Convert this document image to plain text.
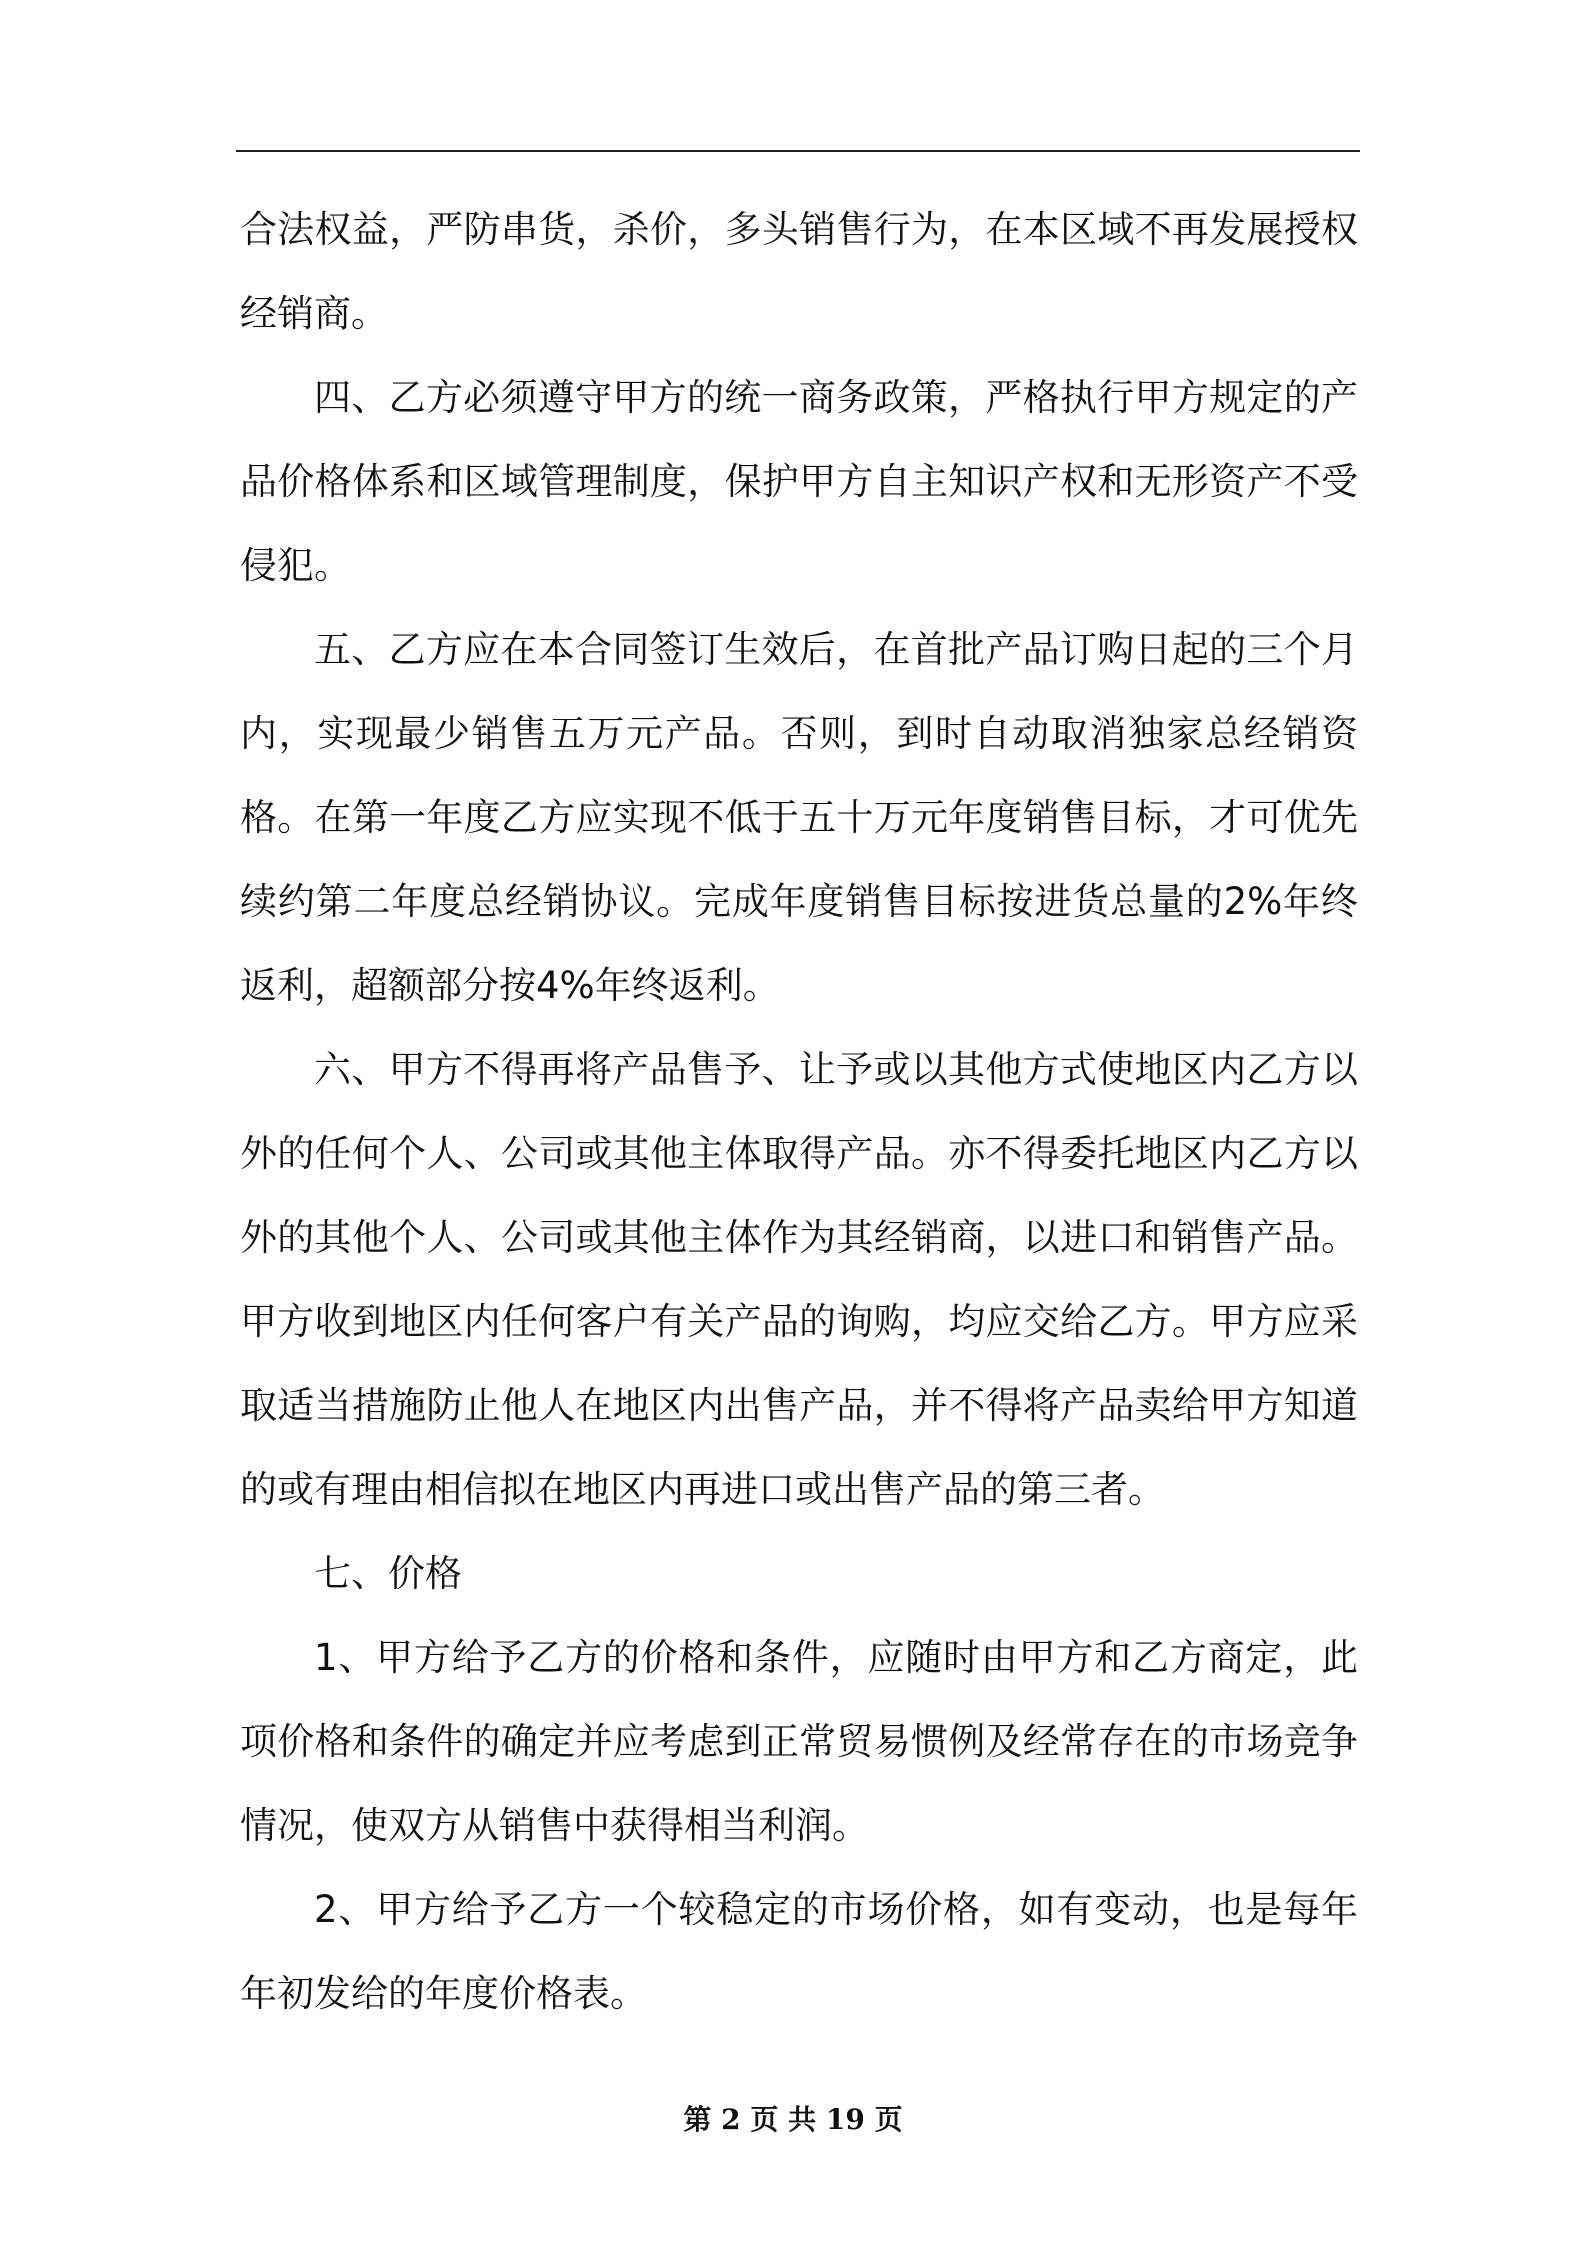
合法权益，严防串货，杀价，多头销售行为，在本区域不再发展授权经销商。

四、乙方必须遵守甲方的统一商务政策，严格执行甲方规定的产品价格体系和区域管理制度，保护甲方自主知识产权和无形资产不受侵犯。

五、乙方应在本合同签订生效后，在首批产品订购日起的三个月内，实现最少销售五万元产品。否则，到时自动取消独家总经销资格。在第一年度乙方应实现不低于五十万元年度销售目标，才可优先续约第二年度总经销协议。完成年度销售目标按进货总量的2%年终返利，超额部分按4%年终返利。

六、甲方不得再将产品售予、让予或以其他方式使地区内乙方以外的任何个人、公司或其他主体取得产品。亦不得委托地区内乙方以外的其他个人、公司或其他主体作为其经销商，以进口和销售产品。甲方收到地区内任何客户有关产品的询购，均应交给乙方。甲方应采取适当措施防止他人在地区内出售产品，并不得将产品卖给甲方知道的或有理由相信拟在地区内再进口或出售产品的第三者。

七、价格

1、甲方给予乙方的价格和条件，应随时由甲方和乙方商定，此项价格和条件的确定并应考虑到正常贸易惯例及经常存在的市场竞争情况，使双方从销售中获得相当利润。

2、甲方给予乙方一个较稳定的市场价格，如有变动，也是每年年初发给的年度价格表。

第 2 页 共 19 页
